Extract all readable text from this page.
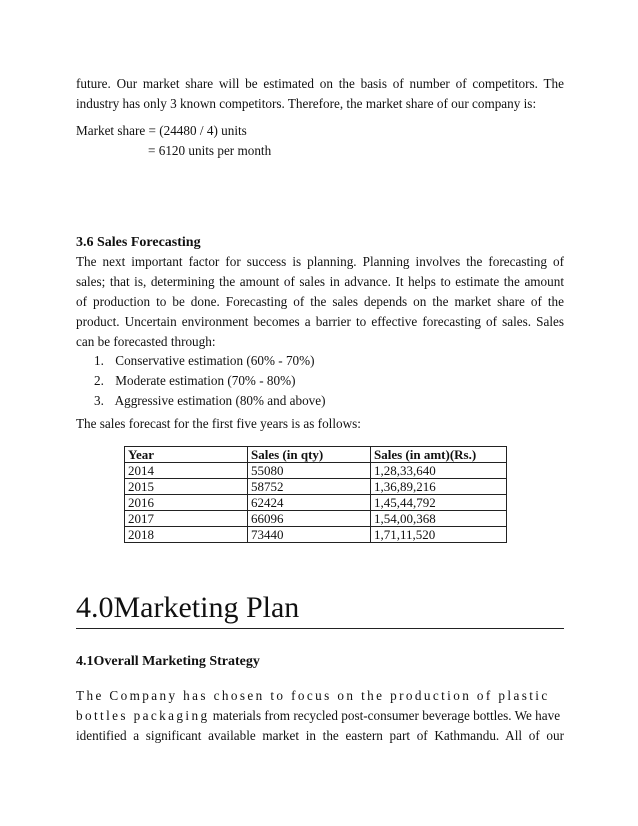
future. Our market share will be estimated on the basis of number of competitors. The
industry has only 3 known competitors. Therefore, the market share of our company is:
Market share = (24480 / 4) units
= 6120 units per month
3.6 Sales Forecasting
The next important factor for success is planning. Planning involves the forecasting of
sales; that is, determining the amount of sales in advance. It helps to estimate the amount
of production to be done. Forecasting of the sales depends on the market share of the
product. Uncertain environment becomes a barrier to effective forecasting of sales. Sales
can be forecasted through:
1. Conservative estimation (60% - 70%)
2. Moderate estimation (70% - 80%)
3. Aggressive estimation (80% and above)
The sales forecast for the first five years is as follows:
Year	Sales (in qty)	Sales (in amt)(Rs.)
2014	55080	1,28,33,640
2015	58752	1,36,89,216
2016	62424	1,45,44,792
2017	66096	1,54,00,368
2018	73440	1,71,11,520
4.0Marketing Plan
4.1Overall Marketing Strategy
The Company has chosen to focus on the production of plastic
bottles packaging materials from recycled post-consumer beverage bottles. We have
identified a significant available market in the eastern part of Kathmandu. All of our
